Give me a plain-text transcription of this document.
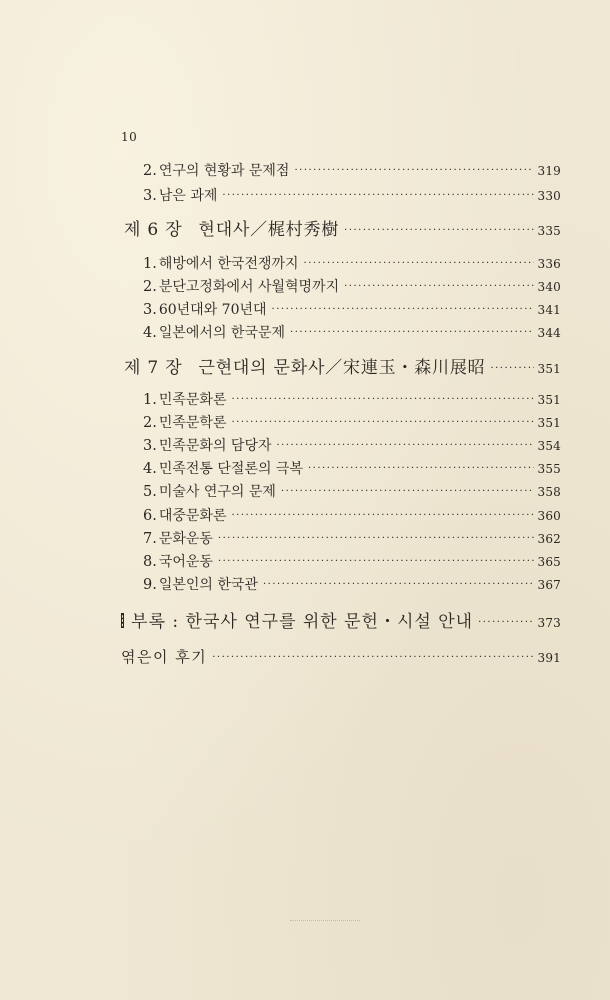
10
2. 연구의 현황과 문제점 ·····	319
3. 남은 과제 ·····	330
제 6 장 현대사／梶村秀樹 ·····	335
1. 해방에서 한국전쟁까지 ·····	336
2. 분단고정화에서 사월혁명까지 ·····	340
3. 60년대와 70년대 ·····	341
4. 일본에서의 한국문제 ·····	344
제 7 장 근현대의 문화사／宋連玉・森川展昭 ·····	351
1. 민족문화론 ·····	351
2. 민족문학론 ·····	351
3. 민족문화의 담당자 ·····	354
4. 민족전통 단절론의 극복 ·····	355
5. 미술사 연구의 문제 ·····	358
6. 대중문화론 ·····	360
7. 문화운동 ·····	362
8. 국어운동 ·····	365
9. 일본인의 한국관 ·····	367
부록 : 한국사 연구를 위한 문헌・시설 안내 ·····	373
엮은이 후기 ·····	391
